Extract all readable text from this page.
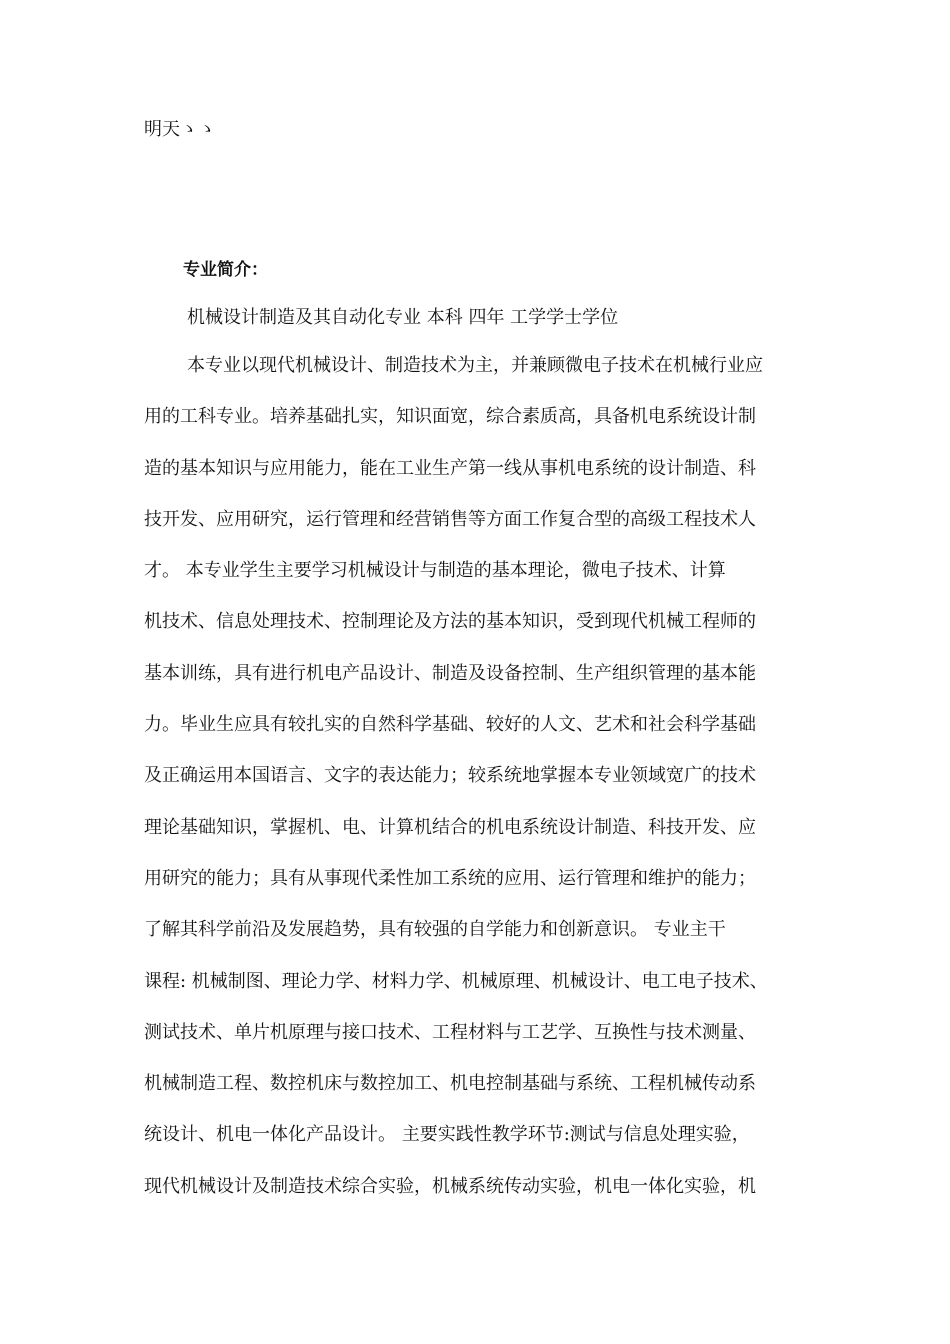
明天ゝゝ
专业简介：
机械设计制造及其自动化专业 本科 四年 工学学士学位
本专业以现代机械设计、制造技术为主，并兼顾微电子技术在机械行业应
用的工科专业。培养基础扎实，知识面宽，综合素质高，具备机电系统设计制
造的基本知识与应用能力，能在工业生产第一线从事机电系统的设计制造、科
技开发、应用研究，运行管理和经营销售等方面工作复合型的高级工程技术人
才。 本专业学生主要学习机械设计与制造的基本理论，微电子技术、计算
机技术、信息处理技术、控制理论及方法的基本知识，受到现代机械工程师的
基本训练，具有进行机电产品设计、制造及设备控制、生产组织管理的基本能
力。毕业生应具有较扎实的自然科学基础、较好的人文、艺术和社会科学基础
及正确运用本国语言、文字的表达能力；较系统地掌握本专业领域宽广的技术
理论基础知识，掌握机、电、计算机结合的机电系统设计制造、科技开发、应
用研究的能力；具有从事现代柔性加工系统的应用、运行管理和维护的能力；
了解其科学前沿及发展趋势，具有较强的自学能力和创新意识。 专业主干
课程: 机械制图、理论力学、材料力学、机械原理、机械设计、电工电子技术、
测试技术、单片机原理与接口技术、工程材料与工艺学、互换性与技术测量、
机械制造工程、数控机床与数控加工、机电控制基础与系统、工程机械传动系
统设计、机电一体化产品设计。 主要实践性教学环节:测试与信息处理实验，
现代机械设计及制造技术综合实验，机械系统传动实验，机电一体化实验，机
